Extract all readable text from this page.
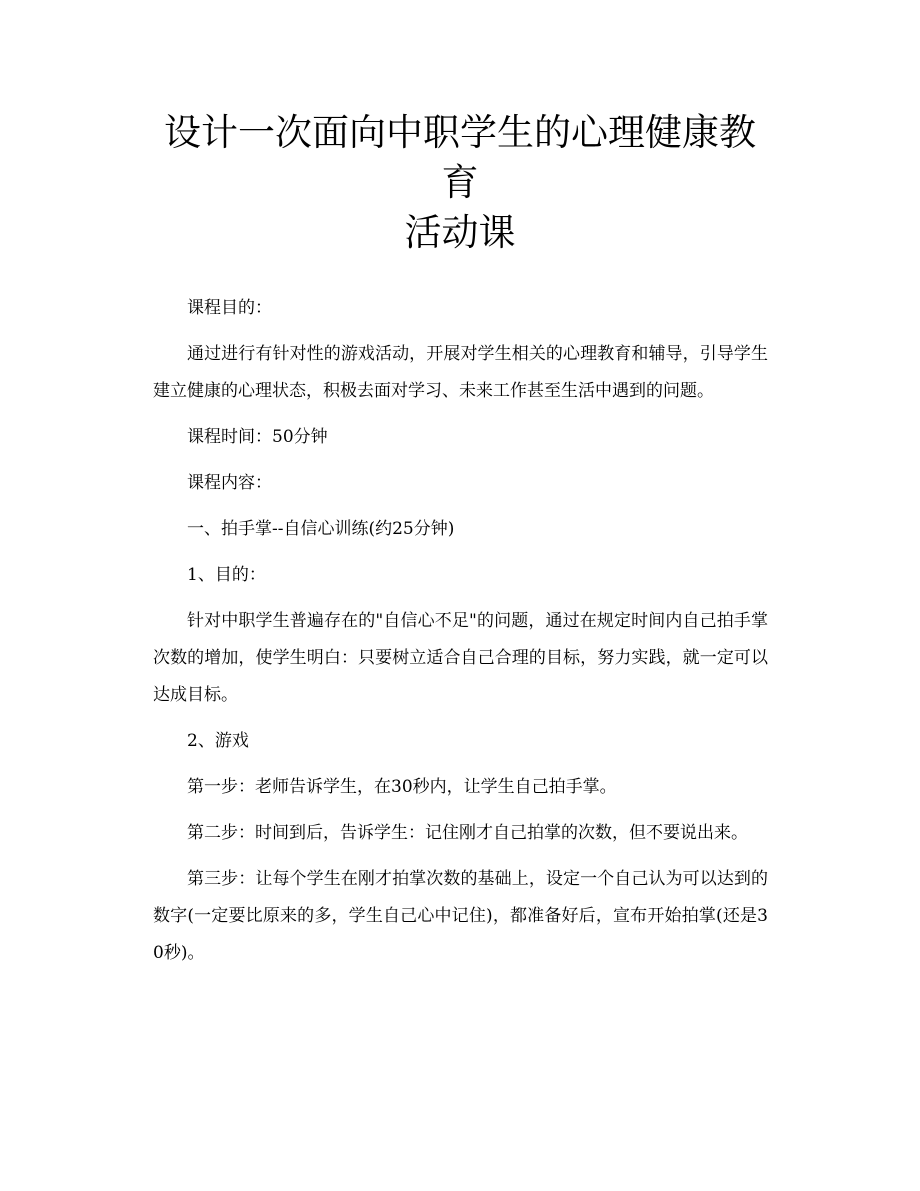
设计一次面向中职学生的心理健康教育
活动课

课程目的：

通过进行有针对性的游戏活动，开展对学生相关的心理教育和辅导，引导学生建立健康的心理状态，积极去面对学习、未来工作甚至生活中遇到的问题。

课程时间：50分钟

课程内容：

一、拍手掌--自信心训练(约25分钟)

1、目的：

针对中职学生普遍存在的"自信心不足"的问题，通过在规定时间内自己拍手掌次数的增加，使学生明白：只要树立适合自己合理的目标，努力实践，就一定可以达成目标。

2、游戏

第一步：老师告诉学生，在30秒内，让学生自己拍手掌。

第二步：时间到后，告诉学生：记住刚才自己拍掌的次数，但不要说出来。

第三步：让每个学生在刚才拍掌次数的基础上，设定一个自己认为可以达到的数字(一定要比原来的多，学生自己心中记住)，都准备好后，宣布开始拍掌(还是30秒)。
